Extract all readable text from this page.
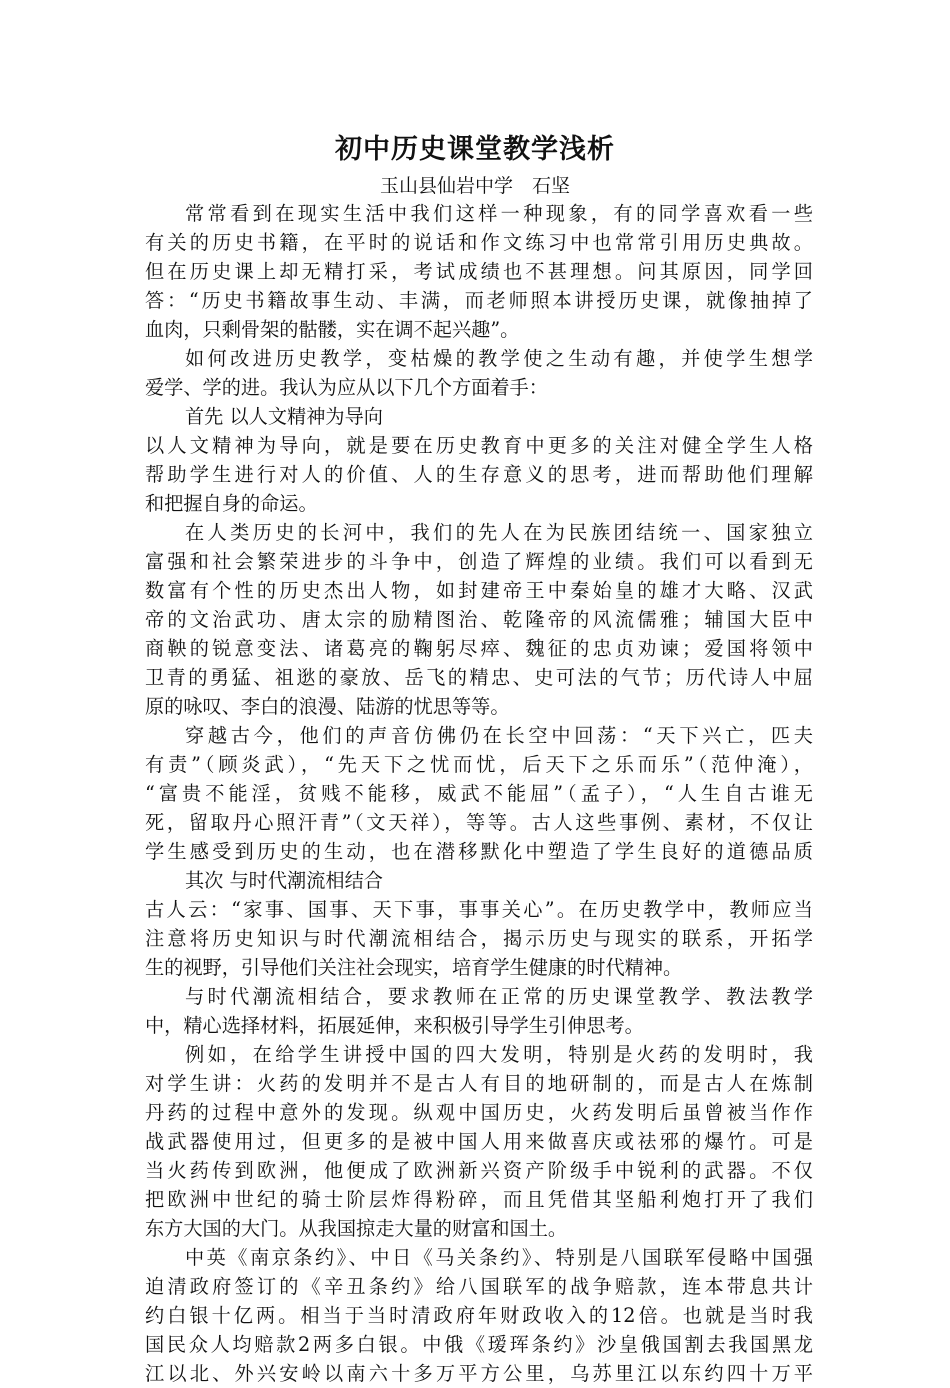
初中历史课堂教学浅析
玉山县仙岩中学　石坚
常常看到在现实生活中我们这样一种现象，有的同学喜欢看一些
有关的历史书籍，在平时的说话和作文练习中也常常引用历史典故。
但在历史课上却无精打采，考试成绩也不甚理想。问其原因，同学回
答：“历史书籍故事生动、丰满，而老师照本讲授历史课，就像抽掉了
血肉，只剩骨架的骷髅，实在调不起兴趣”。
如何改进历史教学，变枯燥的教学使之生动有趣，并使学生想学
爱学、学的进。我认为应从以下几个方面着手：
首先 以人文精神为导向
以人文精神为导向，就是要在历史教育中更多的关注对健全学生人格
帮助学生进行对人的价值、人的生存意义的思考，进而帮助他们理解
和把握自身的命运。
在人类历史的长河中，我们的先人在为民族团结统一、国家独立
富强和社会繁荣进步的斗争中，创造了辉煌的业绩。我们可以看到无
数富有个性的历史杰出人物，如封建帝王中秦始皇的雄才大略、汉武
帝的文治武功、唐太宗的励精图治、乾隆帝的风流儒雅；辅国大臣中
商鞅的锐意变法、诸葛亮的鞠躬尽瘁、魏征的忠贞劝谏；爱国将领中
卫青的勇猛、祖逖的豪放、岳飞的精忠、史可法的气节；历代诗人中屈
原的咏叹、李白的浪漫、陆游的忧思等等。
穿越古今，他们的声音仿佛仍在长空中回荡：“天下兴亡，匹夫
有责”（顾炎武），“先天下之忧而忧，后天下之乐而乐”（范仲淹），
“富贵不能淫，贫贱不能移，威武不能屈”（孟子），“人生自古谁无
死，留取丹心照汗青”（文天祥），等等。古人这些事例、素材，不仅让
学生感受到历史的生动，也在潜移默化中塑造了学生良好的道德品质
其次 与时代潮流相结合
古人云：“家事、国事、天下事，事事关心”。在历史教学中，教师应当
注意将历史知识与时代潮流相结合，揭示历史与现实的联系，开拓学
生的视野，引导他们关注社会现实，培育学生健康的时代精神。
与时代潮流相结合，要求教师在正常的历史课堂教学、教法教学
中，精心选择材料，拓展延伸，来积极引导学生引伸思考。
例如，在给学生讲授中国的四大发明，特别是火药的发明时，我
对学生讲：火药的发明并不是古人有目的地研制的，而是古人在炼制
丹药的过程中意外的发现。纵观中国历史，火药发明后虽曾被当作作
战武器使用过，但更多的是被中国人用来做喜庆或祛邪的爆竹。可是
当火药传到欧洲，他便成了欧洲新兴资产阶级手中锐利的武器。不仅
把欧洲中世纪的骑士阶层炸得粉碎，而且凭借其坚船利炮打开了我们
东方大国的大门。从我国掠走大量的财富和国土。
中英《南京条约》、中日《马关条约》、特别是八国联军侵略中国强
迫清政府签订的《辛丑条约》给八国联军的战争赔款，连本带息共计
约白银十亿两。相当于当时清政府年财政收入的12倍。也就是当时我
国民众人均赔款2两多白银。中俄《瑷珲条约》沙皇俄国割去我国黑龙
江以北、外兴安岭以南六十多万平方公里，乌苏里江以东约四十万平
